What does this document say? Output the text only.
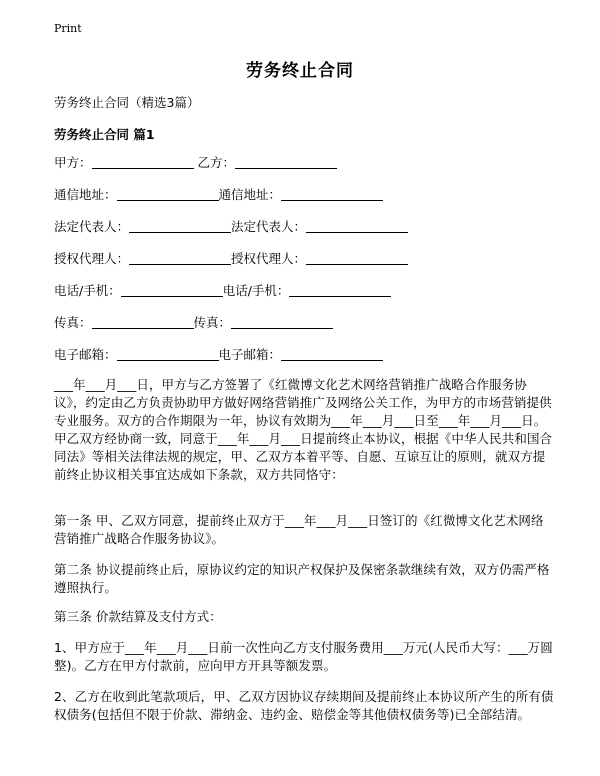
Print
劳务终止合同
劳务终止合同（精选3篇）
劳务终止合同 篇1
甲方：	乙方：
通信地址：	通信地址：
法定代表人：	法定代表人：
授权代理人：	授权代理人：
电话/手机：	电话/手机：
传真：	传真：
电子邮箱：	电子邮箱：

___年___月___日，甲方与乙方签署了《红微博文化艺术网络营销推广战略合作服务协议》，约定由乙方负责协助甲方做好网络营销推广及网络公关工作，为甲方的市场营销提供专业服务。双方的合作期限为一年，协议有效期为___年___月___日至___年___月___日。甲乙双方经协商一致，同意于___年___月___日提前终止本协议，根据《中华人民共和国合同法》等相关法律法规的规定，甲、乙双方本着平等、自愿、互谅互让的原则，就双方提前终止协议相关事宜达成如下条款，双方共同恪守：

第一条 甲、乙双方同意，提前终止双方于___年___月___日签订的《红微博文化艺术网络营销推广战略合作服务协议》。

第二条 协议提前终止后，原协议约定的知识产权保护及保密条款继续有效，双方仍需严格遵照执行。

第三条 价款结算及支付方式：

1、甲方应于___年___月___日前一次性向乙方支付服务费用___万元(人民币大写：___万圆整)。乙方在甲方付款前，应向甲方开具等额发票。

2、乙方在收到此笔款项后，甲、乙双方因协议存续期间及提前终止本协议所产生的所有债权债务(包括但不限于价款、滞纳金、违约金、赔偿金等其他债权债务等)已全部结清。
